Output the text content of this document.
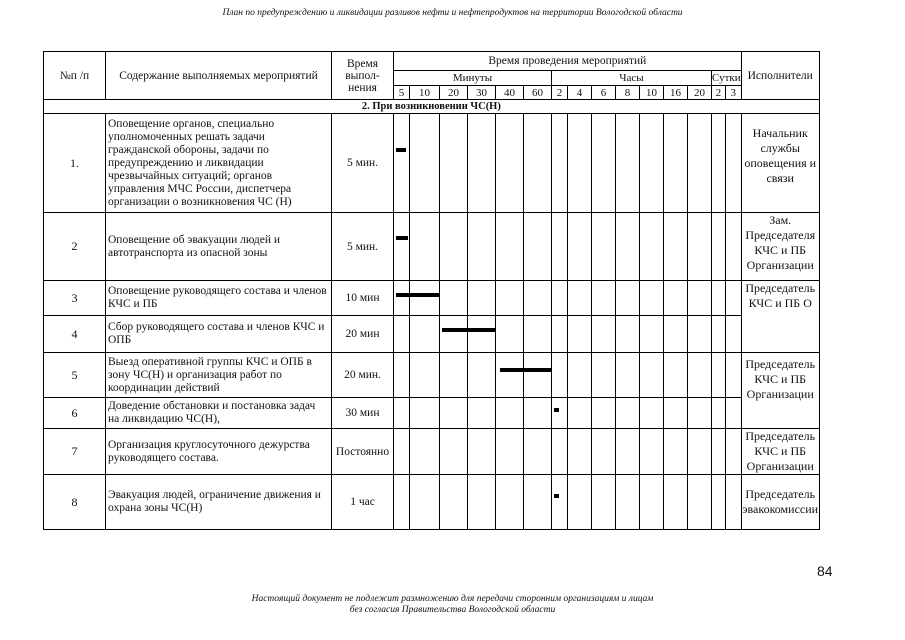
План по предупреждению и ликвидации разливов нефти и нефтепродуктов на территории Вологодской области
№п /п	Содержание выполняемых мероприятий	Время выпол- нения	Время проведения мероприятий															Исполнители
			Минуты						Часы							Сутки		
			5	10	20	30	40	60	2	4	6	8	10	16	20	2	3	
2. При возникновении ЧС(Н)																		
1.	Оповещение органов, специально уполномоченных решать задачи гражданской обороны, задачи по предупреждению и ликвидации чрезвычайных ситуаций; органов управления МЧС России, диспетчера организации о возникновения ЧС (Н)	5 мин.																Начальник службы оповещения и связи
2	Оповещение об эвакуации людей и автотранспорта из опасной зоны	5 мин.																Зам. Председателя КЧС и ПБ Организации
3	Оповещение руководящего состава и членов КЧС и ПБ	10 мин																Председатель КЧС и ПБ О
4	Сбор руководящего состава и членов КЧС и ОПБ	20 мин																
5	Выезд оперативной группы КЧС и ОПБ в зону ЧС(Н) и организация работ по координации действий	20 мин.																Председатель КЧС и ПБ Организации
6	Доведение обстановки и постановка задач на ликвидацию ЧС(Н),	30 мин																
7	Организация круглосуточного дежурства руководящего состава.	Постоянно																Председатель КЧС и ПБ Организации
8	Эвакуация людей, ограничение движения и охрана зоны ЧС(Н)	1 час																Председатель эвакокомиссии
84
Настоящий документ не подлежит размножению для передачи сторонним организациям и лицам
без согласия Правительства Вологодской области
